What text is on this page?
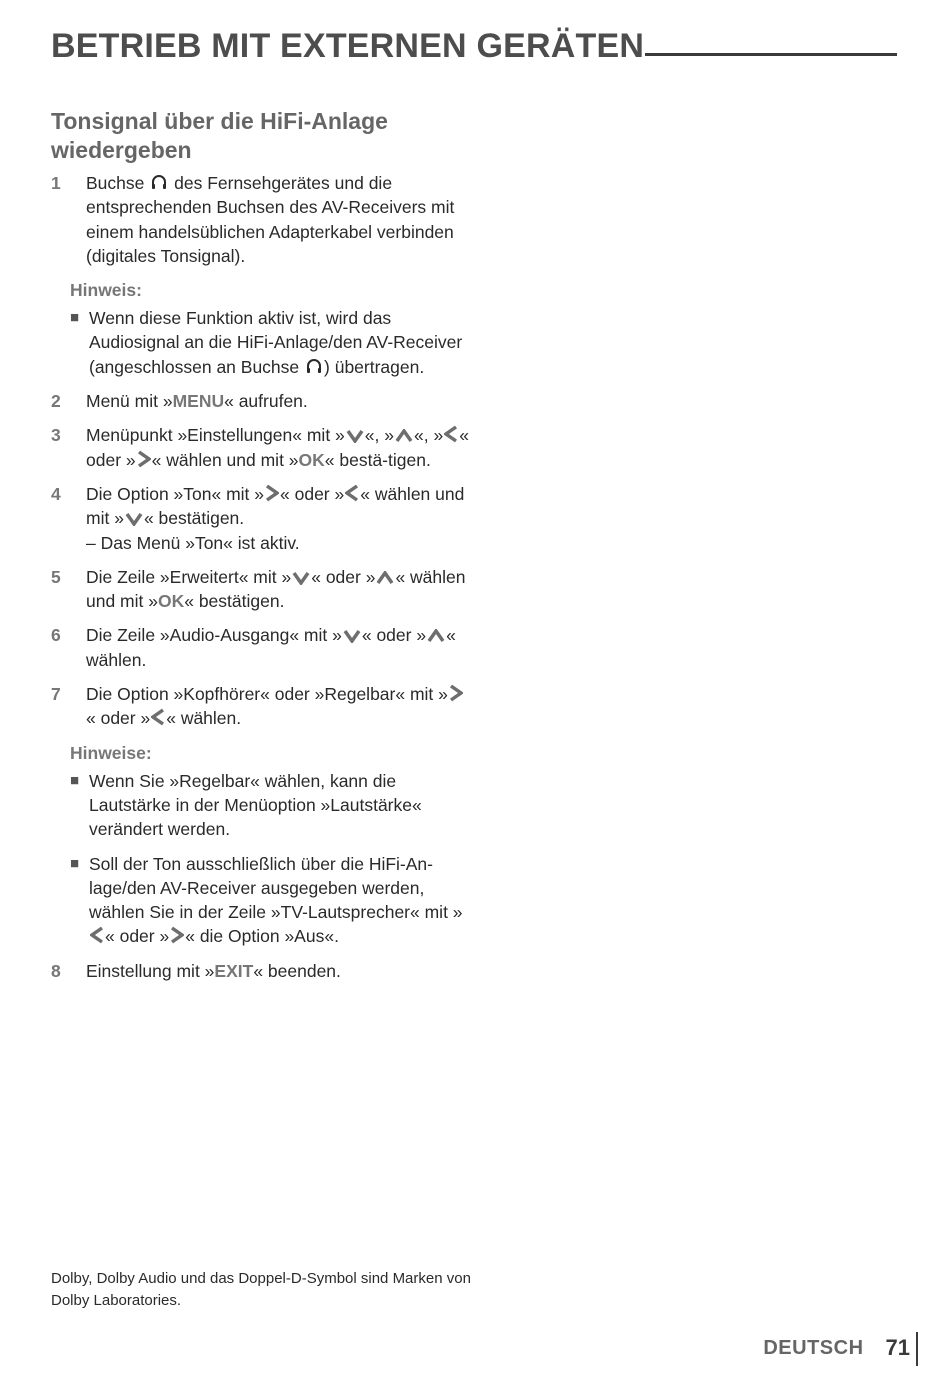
BETRIEB MIT EXTERNEN GERÄTEN
Tonsignal über die HiFi-Anlage wiedergeben
1	Buchse des Fernsehgerätes und die entsprechenden Buchsen des AV-Receivers mit einem handelsüblichen Adapterkabel verbinden (digitales Tonsignal).
Hinweis:
■ Wenn diese Funktion aktiv ist, wird das Audiosignal an die HiFi-Anlage/den AV-Receiver (angeschlossen an Buchse ) übertragen.
2	Menü mit »MENU« aufrufen.
3	Menüpunkt »Einstellungen« mit » «, » «, » « oder » « wählen und mit »OK« bestä-tigen.
4	Die Option »Ton« mit » « oder » « wählen und mit » « bestätigen.
– Das Menü »Ton« ist aktiv.
5	Die Zeile »Erweitert« mit » « oder » « wählen und mit »OK« bestätigen.
6	Die Zeile »Audio-Ausgang« mit » « oder » « wählen.
7	Die Option »Kopfhörer« oder »Regelbar« mit »« oder » « wählen.
Hinweise:
■ Wenn Sie »Regelbar« wählen, kann die Lautstärke in der Menüoption »Lautstärke« verändert werden.
■ Soll der Ton ausschließlich über die HiFi-An-lage/den AV-Receiver ausgegeben werden, wählen Sie in der Zeile »TV-Lautsprecher« mit »« oder » « die Option »Aus«.
8	Einstellung mit »EXIT« beenden.
Dolby, Dolby Audio und das Doppel-D-Symbol sind Marken von Dolby Laboratories.
DEUTSCH 71
